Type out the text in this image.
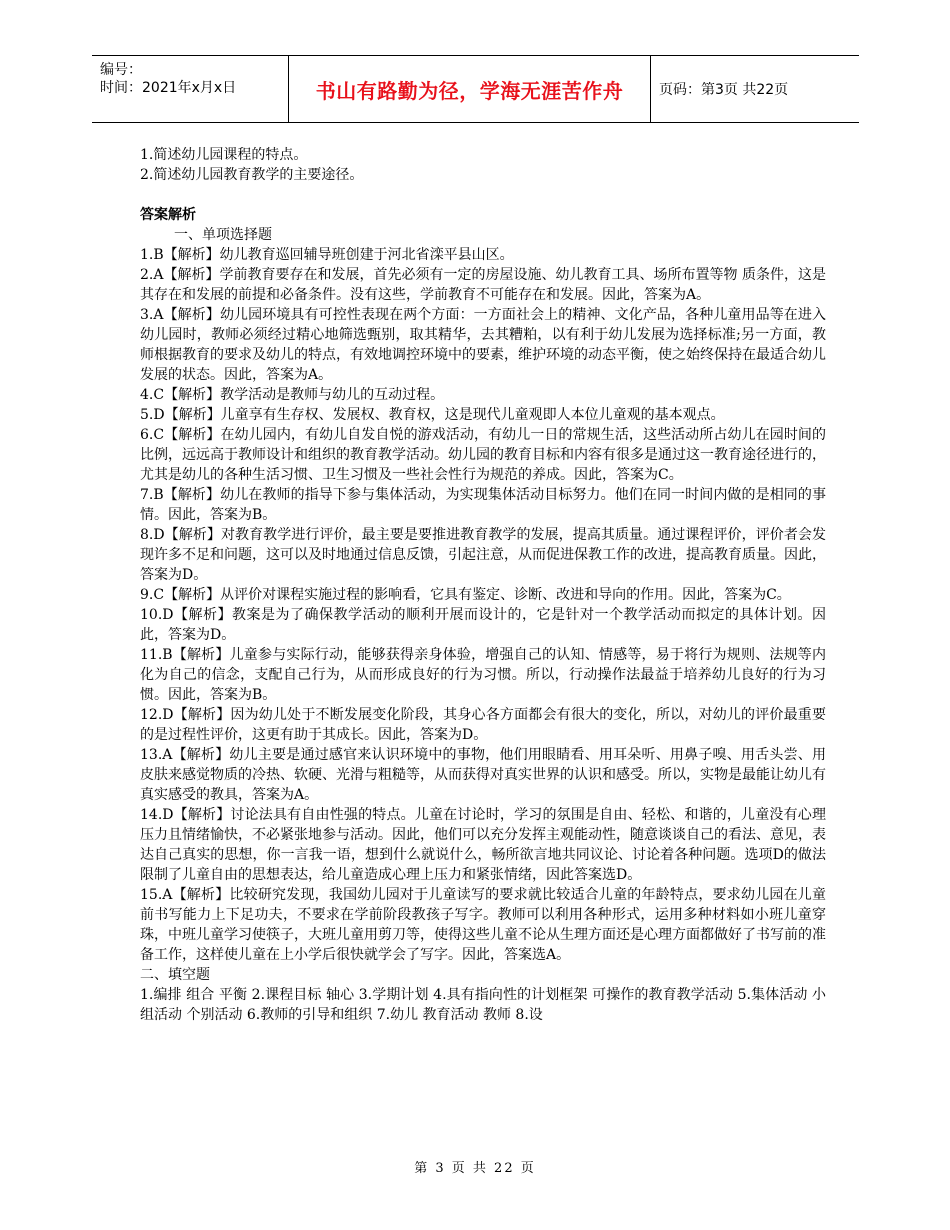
编号：
时间：2021年x月x日	书山有路勤为径，学海无涯苦作舟	页码：第3页 共22页

1.简述幼儿园课程的特点。

2.简述幼儿园教育教学的主要途径。

答案解析

一、单项选择题

1.B【解析】幼儿教育巡回辅导班创建于河北省滦平县山区。

2.A【解析】学前教育要存在和发展，首先必须有一定的房屋设施、幼儿教育工具、场所布置等物 质条件，这是其存在和发展的前提和必备条件。没有这些，学前教育不可能存在和发展。因此，答案为A。

3.A【解析】幼儿园环境具有可控性表现在两个方面：一方面社会上的精神、文化产品，各种儿童用品等在进入幼儿园时，教师必须经过精心地筛选甄别，取其精华，去其糟粕，以有利于幼儿发展为选择标准;另一方面，教师根据教育的要求及幼儿的特点，有效地调控环境中的要素，维护环境的动态平衡，使之始终保持在最适合幼儿发展的状态。因此，答案为A。

4.C【解析】教学活动是教师与幼儿的互动过程。

5.D【解析】儿童享有生存权、发展权、教育权，这是现代儿童观即人本位儿童观的基本观点。

6.C【解析】在幼儿园内，有幼儿自发自悦的游戏活动，有幼儿一日的常规生活，这些活动所占幼儿在园时间的比例，远远高于教师设计和组织的教育教学活动。幼儿园的教育目标和内容有很多是通过这一教育途径进行的，尤其是幼儿的各种生活习惯、卫生习惯及一些社会性行为规范的养成。因此，答案为C。

7.B【解析】幼儿在教师的指导下参与集体活动，为实现集体活动目标努力。他们在同一时间内做的是相同的事情。因此，答案为B。

8.D【解析】对教育教学进行评价，最主要是要推进教育教学的发展，提高其质量。通过课程评价，评价者会发现许多不足和问题，这可以及时地通过信息反馈，引起注意，从而促进保教工作的改进，提高教育质量。因此，答案为D。

9.C【解析】从评价对课程实施过程的影响看，它具有鉴定、诊断、改进和导向的作用。因此，答案为C。

10.D【解析】教案是为了确保教学活动的顺利开展而设计的，它是针对一个教学活动而拟定的具体计划。因此，答案为D。

11.B【解析】儿童参与实际行动，能够获得亲身体验，增强自己的认知、情感等，易于将行为规则、法规等内化为自己的信念，支配自己行为，从而形成良好的行为习惯。所以，行动操作法最益于培养幼儿良好的行为习惯。因此，答案为B。

12.D【解析】因为幼儿处于不断发展变化阶段，其身心各方面都会有很大的变化，所以，对幼儿的评价最重要的是过程性评价，这更有助于其成长。因此，答案为D。

13.A【解析】幼儿主要是通过感官来认识环境中的事物，他们用眼睛看、用耳朵听、用鼻子嗅、用舌头尝、用皮肤来感觉物质的冷热、软硬、光滑与粗糙等，从而获得对真实世界的认识和感受。所以，实物是最能让幼儿有真实感受的教具，答案为A。

14.D【解析】讨论法具有自由性强的特点。儿童在讨论时，学习的氛围是自由、轻松、和谐的，儿童没有心理压力且情绪愉快，不必紧张地参与活动。因此，他们可以充分发挥主观能动性，随意谈谈自己的看法、意见，表达自己真实的思想，你一言我一语，想到什么就说什么，畅所欲言地共同议论、讨论着各种问题。选项D的做法限制了儿童自由的思想表达，给儿童造成心理上压力和紧张情绪，因此答案选D。

15.A【解析】比较研究发现，我国幼儿园对于儿童读写的要求就比较适合儿童的年龄特点，要求幼儿园在儿童前书写能力上下足功夫，不要求在学前阶段教孩子写字。教师可以利用各种形式，运用多种材料如小班儿童穿珠，中班儿童学习使筷子，大班儿童用剪刀等，使得这些儿童不论从生理方面还是心理方面都做好了书写前的准备工作，这样使儿童在上小学后很快就学会了写字。因此，答案选A。

二、填空题

1.编排 组合 平衡 2.课程目标 轴心 3.学期计划 4.具有指向性的计划框架 可操作的教育教学活动 5.集体活动 小组活动 个别活动 6.教师的引导和组织 7.幼儿 教育活动 教师 8.设

第 3 页 共 22 页
